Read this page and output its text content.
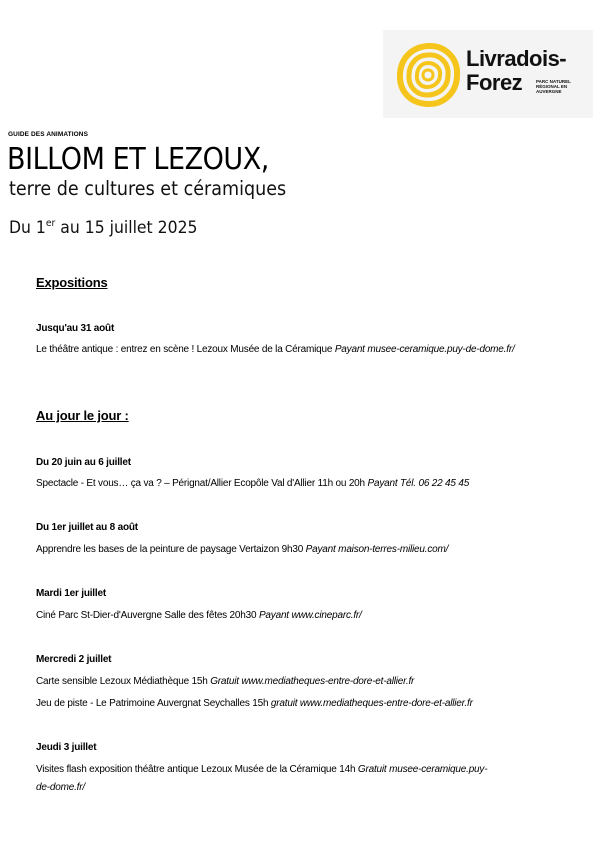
Livradois-
Forez	PARC NATUREL RÉGIONAL EN AUVERGNE
GUIDE DES ANIMATIONS
BILLOM ET LEZOUX,
terre de cultures et céramiques
Du 1er au 15 juillet 2025
Expositions
Jusqu'au 31 août
Le théâtre antique : entrez en scène ! Lezoux Musée de la Céramique Payant musee-ceramique.puy-de-dome.fr/
Au jour le jour :
Du 20 juin au 6 juillet
Spectacle - Et vous… ça va ? – Pérignat/Allier Ecopôle Val d'Allier 11h ou 20h Payant Tél. 06 22 45 45
Du 1er juillet au 8 août
Apprendre les bases de la peinture de paysage Vertaizon 9h30 Payant maison-terres-milieu.com/
Mardi 1er juillet
Ciné Parc St-Dier-d'Auvergne Salle des fêtes 20h30 Payant www.cineparc.fr/
Mercredi 2 juillet
Carte sensible Lezoux Médiathèque 15h Gratuit www.mediatheques-entre-dore-et-allier.fr
Jeu de piste - Le Patrimoine Auvergnat Seychalles 15h gratuit www.mediatheques-entre-dore-et-allier.fr
Jeudi 3 juillet
Visites flash exposition théâtre antique Lezoux Musée de la Céramique 14h Gratuit musee-ceramique.puy-de-dome.fr/
